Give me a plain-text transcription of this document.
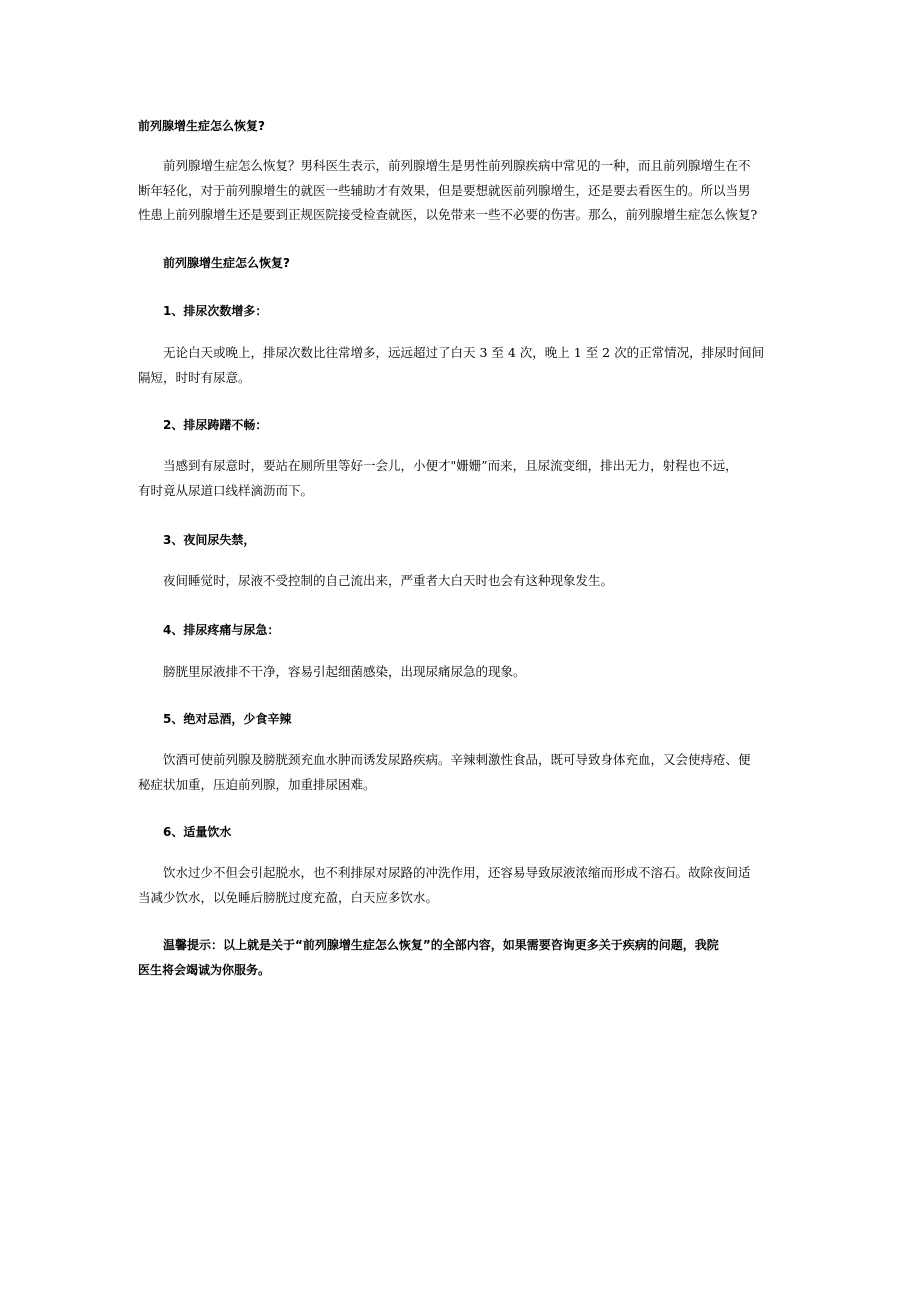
前列腺增生症怎么恢复?

前列腺增生症怎么恢复？男科医生表示，前列腺增生是男性前列腺疾病中常见的一种，而且前列腺增生在不
断年轻化，对于前列腺增生的就医一些辅助才有效果，但是要想就医前列腺增生，还是要去看医生的。所以当男
性患上前列腺增生还是要到正规医院接受检查就医，以免带来一些不必要的伤害。那么，前列腺增生症怎么恢复?

前列腺增生症怎么恢复?

1、排尿次数增多：

无论白天或晚上，排尿次数比往常增多，远远超过了白天 3 至 4 次，晚上 1 至 2 次的正常情况，排尿时间间
隔短，时时有尿意。

2、排尿踌躇不畅：

当感到有尿意时，要站在厕所里等好一会儿，小便才"姗姗”而来，且尿流变细，排出无力，射程也不远，
有时竟从尿道口线样滴沥而下。

3、夜间尿失禁，

夜间睡觉时，尿液不受控制的自己流出来，严重者大白天时也会有这种现象发生。

4、排尿疼痛与尿急：

膀胱里尿液排不干净，容易引起细菌感染，出现尿痛尿急的现象。

5、绝对忌酒，少食辛辣

饮酒可使前列腺及膀胱颈充血水肿而诱发尿路疾病。辛辣刺激性食品，既可导致身体充血，又会使痔疮、便
秘症状加重，压迫前列腺，加重排尿困难。

6、适量饮水

饮水过少不但会引起脱水，也不利排尿对尿路的冲洗作用，还容易导致尿液浓缩而形成不溶石。故除夜间适
当减少饮水，以免睡后膀胱过度充盈，白天应多饮水。
温馨提示：以上就是关于“前列腺增生症怎么恢复”的全部内容，如果需要咨询更多关于疾病的问题，我院
医生将会竭诚为你服务。
